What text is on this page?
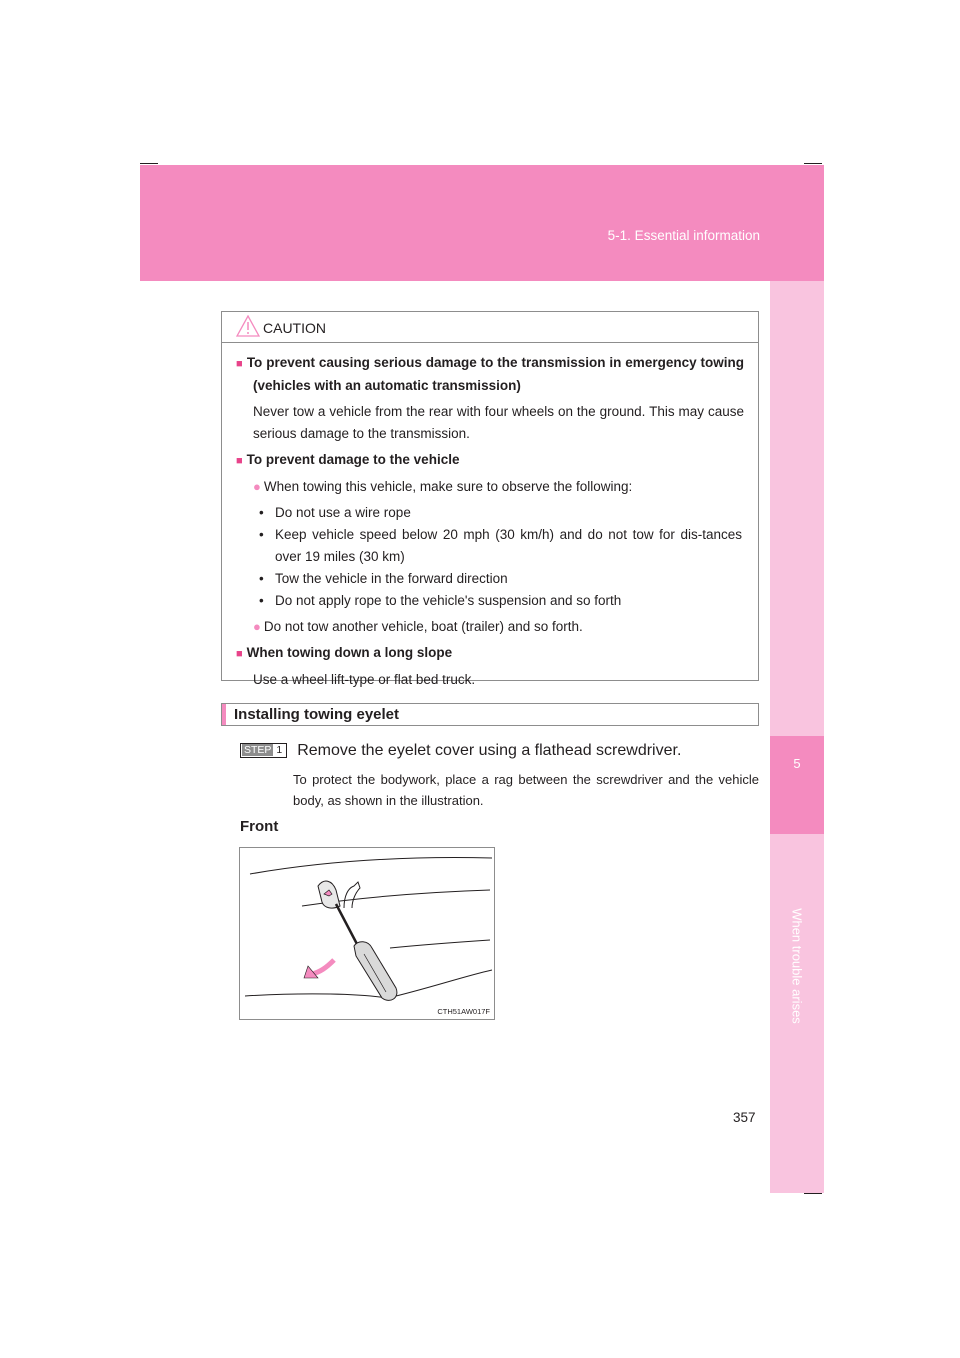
5-1. Essential information
5
When trouble arises
CAUTION

■ To prevent causing serious damage to the transmission in emergency towing (vehicles with an automatic transmission)

Never tow a vehicle from the rear with four wheels on the ground. This may cause serious damage to the transmission.

■ To prevent damage to the vehicle

● When towing this vehicle, make sure to observe the following:

• Do not use a wire rope
• Keep vehicle speed below 20 mph (30 km/h) and do not tow for dis-tances over 19 miles (30 km)
• Tow the vehicle in the forward direction
• Do not apply rope to the vehicle's suspension and so forth

● Do not tow another vehicle, boat (trailer) and so forth.

■ When towing down a long slope

Use a wheel lift-type or flat bed truck.

Installing towing eyelet
STEP 1 Remove the eyelet cover using a flathead screwdriver.
To protect the bodywork, place a rag between the screwdriver and the vehicle body, as shown in the illustration.
Front
CTH51AW017F
357
